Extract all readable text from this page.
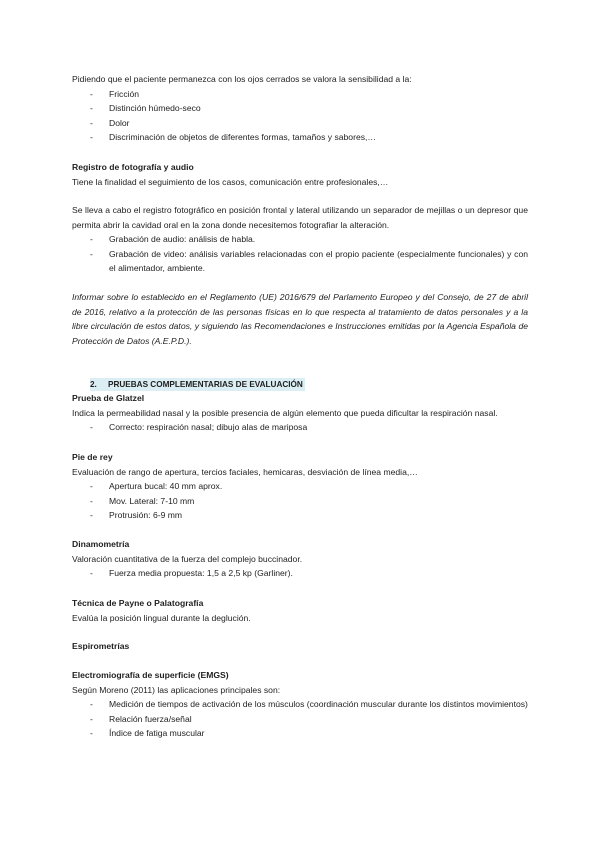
Pidiendo que el paciente permanezca con los ojos cerrados se valora la sensibilidad a la:
- Fricción
- Distinción húmedo-seco
- Dolor
- Discriminación de objetos de diferentes formas, tamaños y sabores,…
Registro de fotografía y audio
Tiene la finalidad el seguimiento de los casos, comunicación entre profesionales,…
Se lleva a cabo el registro fotográfico en posición frontal y lateral utilizando un separador de mejillas o un depresor que permita abrir la cavidad oral en la zona donde necesitemos fotografiar la alteración.
- Grabación de audio: análisis de habla.
- Grabación de video: análisis variables relacionadas con el propio paciente (especialmente funcionales) y con el alimentador, ambiente.
Informar sobre lo establecido en el Reglamento (UE) 2016/679 del Parlamento Europeo y del Consejo, de 27 de abril de 2016, relativo a la protección de las personas físicas en lo que respecta al tratamiento de datos personales y a la libre circulación de estos datos, y siguiendo las Recomendaciones e Instrucciones emitidas por la Agencia Española de Protección de Datos (A.E.P.D.).
2. PRUEBAS COMPLEMENTARIAS DE EVALUACIÓN
Prueba de Glatzel
Indica la permeabilidad nasal y la posible presencia de algún elemento que pueda dificultar la respiración nasal.
- Correcto: respiración nasal; dibujo alas de mariposa
Pie de rey
Evaluación de rango de apertura, tercios faciales, hemicaras, desviación de línea media,…
- Apertura bucal: 40 mm aprox.
- Mov. Lateral: 7-10 mm
- Protrusión: 6-9 mm
Dinamometría
Valoración cuantitativa de la fuerza del complejo buccinador.
- Fuerza media propuesta: 1,5 a 2,5 kp (Garliner).
Técnica de Payne o Palatografía
Evalúa la posición lingual durante la deglución.
Espirometrías
Electromiografía de superficie (EMGS)
Según Moreno (2011) las aplicaciones principales son:
- Medición de tiempos de activación de los músculos (coordinación muscular durante los distintos movimientos)
- Relación fuerza/señal
- Índice de fatiga muscular
